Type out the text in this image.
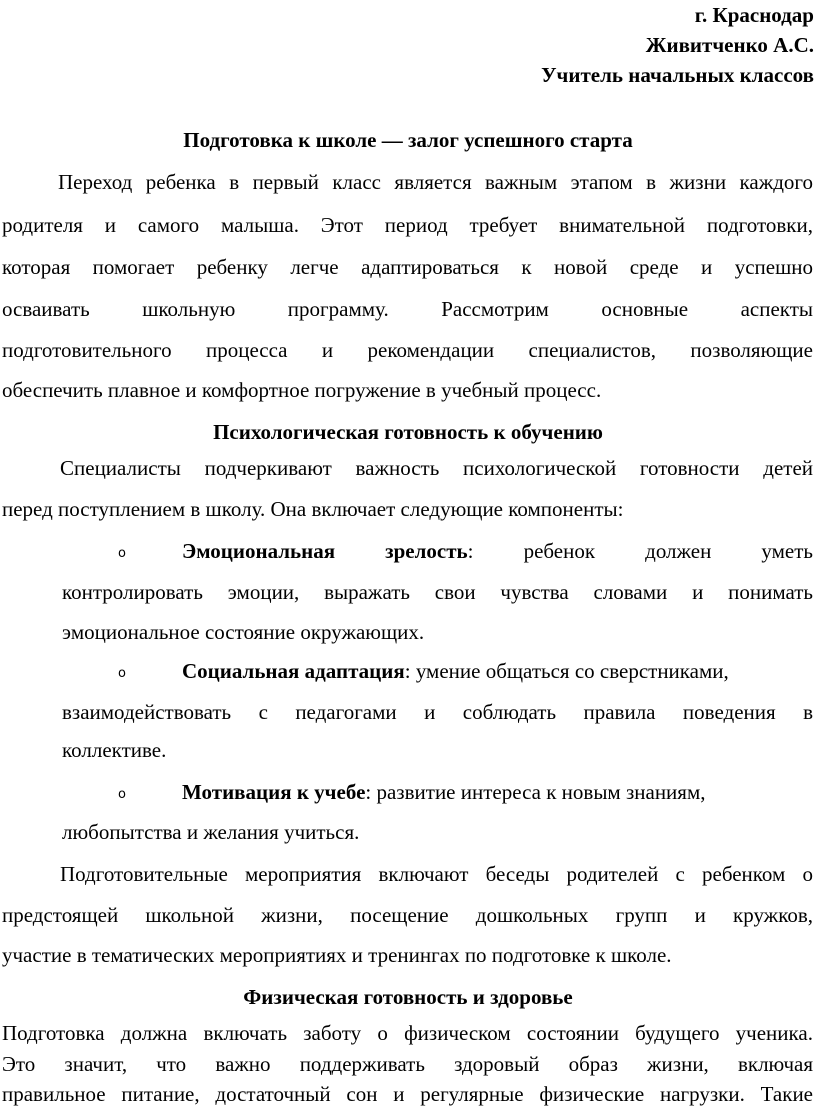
г. Краснодар
Живитченко А.С.
Учитель начальных классов
Подготовка к школе — залог успешного старта
Переход ребенка в первый класс является важным этапом в жизни каждого
родителя и самого малыша. Этот период требует внимательной подготовки,
которая помогает ребенку легче адаптироваться к новой среде и успешно
осваивать школьную программу. Рассмотрим основные аспекты
подготовительного процесса и рекомендации специалистов, позволяющие
обеспечить плавное и комфортное погружение в учебный процесс.
Психологическая готовность к обучению
Специалисты подчеркивают важность психологической готовности детей
перед поступлением в школу. Она включает следующие компоненты:
o	Эмоциональная зрелость: ребенок должен уметь
контролировать эмоции, выражать свои чувства словами и понимать
эмоциональное состояние окружающих.
o	Социальная адаптация: умение общаться со сверстниками,
взаимодействовать с педагогами и соблюдать правила поведения в
коллективе.
o	Мотивация к учебе: развитие интереса к новым знаниям,
любопытства и желания учиться.
Подготовительные мероприятия включают беседы родителей с ребенком о
предстоящей школьной жизни, посещение дошкольных групп и кружков,
участие в тематических мероприятиях и тренингах по подготовке к школе.
Физическая готовность и здоровье
Подготовка должна включать заботу о физическом состоянии будущего ученика.
Это значит, что важно поддерживать здоровый образ жизни, включая
правильное питание, достаточный сон и регулярные физические нагрузки. Такие
